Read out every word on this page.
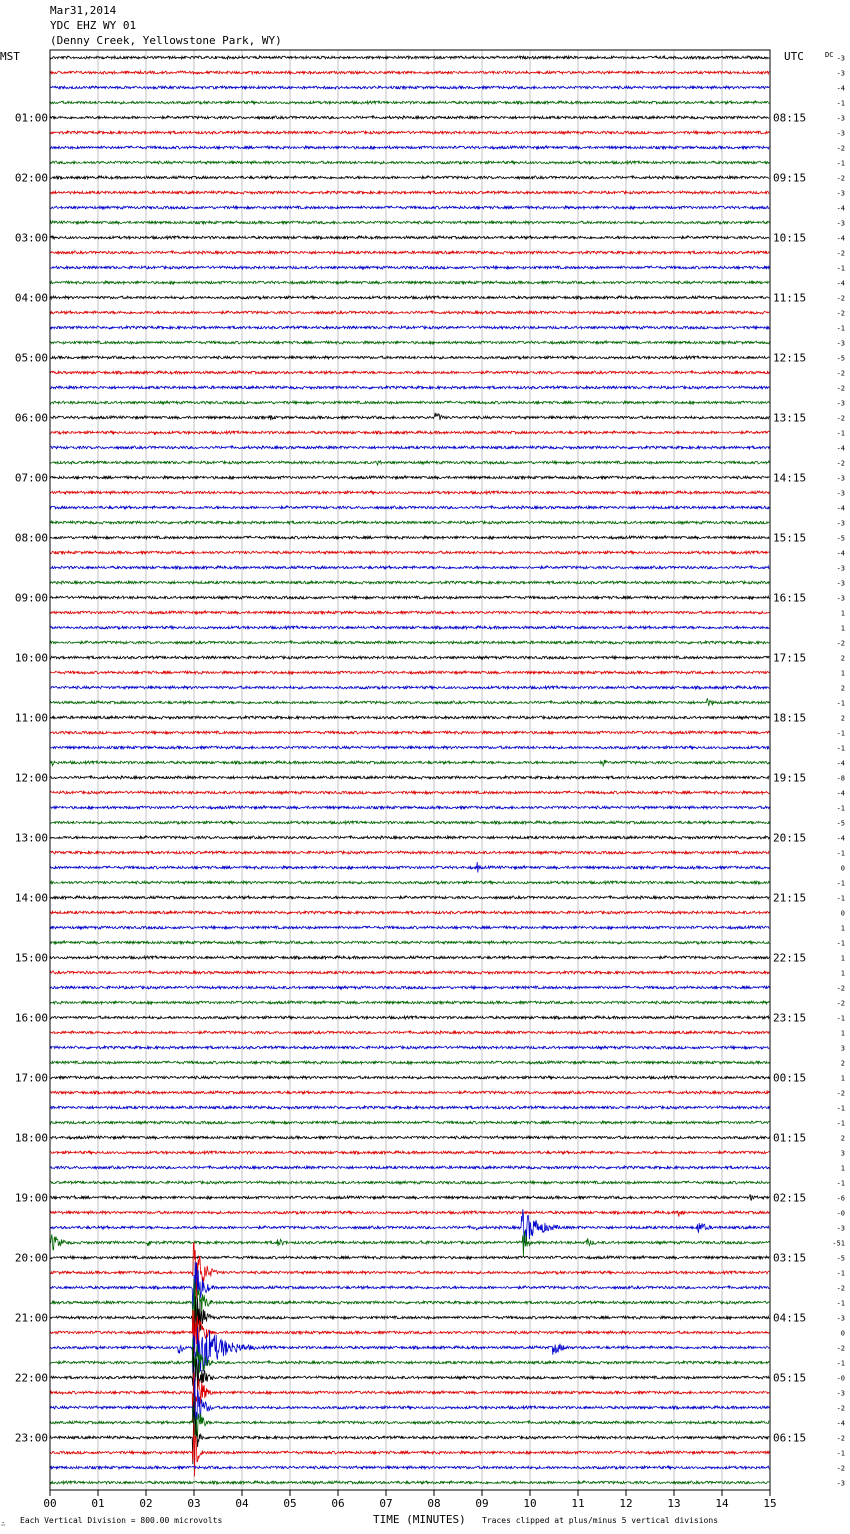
Mar31,2014
YDC EHZ WY 01
(Denny Creek, Yellowstone Park, WY)
MST	UTC	DC
00	01	02	03	04	05	06	07	08	09	10	11	12	13	14	15
01:00
02:00
03:00
04:00
05:00
06:00
07:00
08:00
09:00
10:00
11:00
12:00
13:00
14:00
15:00
16:00
17:00
18:00
19:00
20:00
21:00
22:00
23:00
08:15
09:15
10:15
11:15
12:15
13:15
14:15
15:15
16:15
17:15
18:15
19:15
20:15
21:15
22:15
23:15
00:15
01:15
02:15
03:15
04:15
05:15
06:15
-3
-3
-4
-1
-3
-3
-2
-1
-2
-3
-4
-3
-4
-2
-1
-4
-2
-2
-1
-3
-5
-2
-2
-3
-2
-1
-4
-2
-3
-3
-4
-3
-5
-4
-3
-3
-3
1
1
-2
2
1
2
-1
2
-1
-1
-4
-8
-4
-1
-5
-4
-1
0
-1
-1
0
1
-1
1
1
-2
-2
-1
1
3
2
1
-2
-1
-1
2
3
1
-1
-6
-0
-3
-51
-5
-1
-2
-1
-3
0
-2
-1
-0
-3
-2
-4
-2
-1
-2
-3
TIME (MINUTES)
Each Vertical Division = 800.00 microvolts	Traces clipped at plus/minus 5 vertical divisions
∴
